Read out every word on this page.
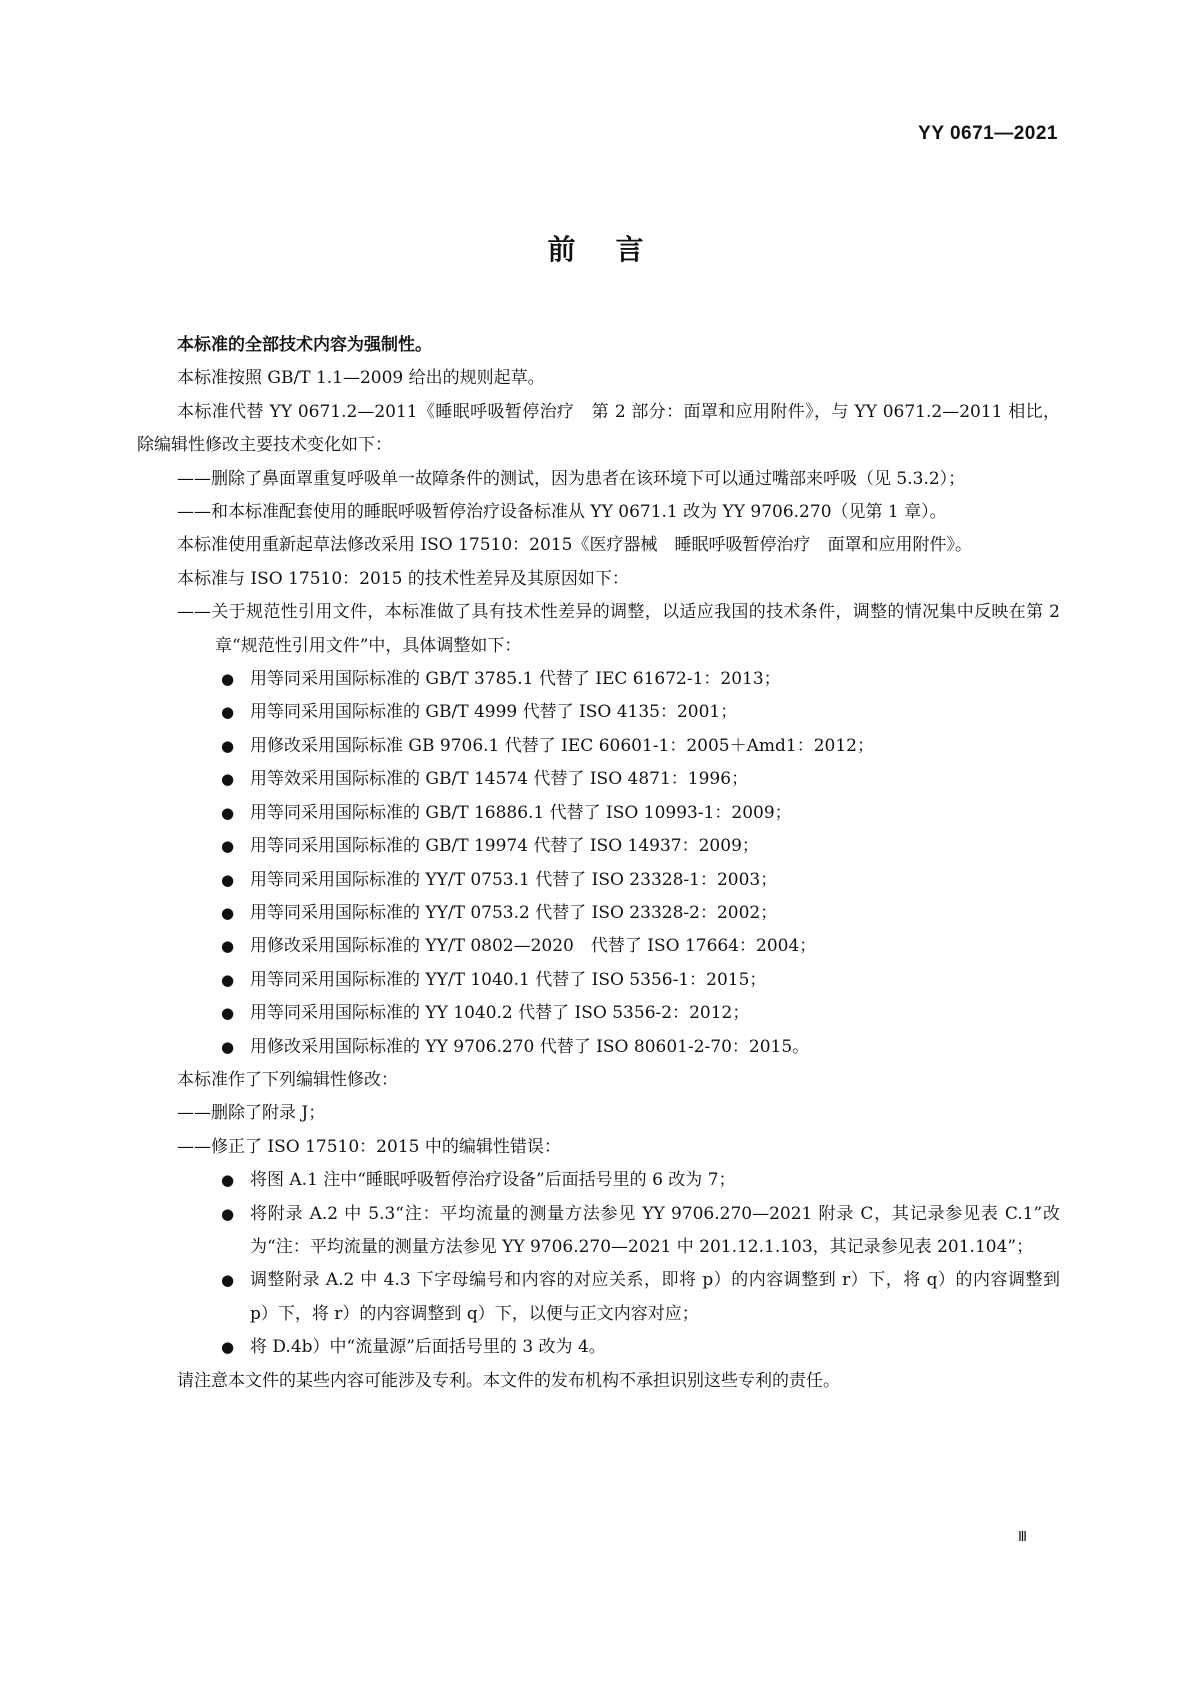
YY 0671—2021
前言

本标准的全部技术内容为强制性。

本标准按照 GB/T 1.1—2009 给出的规则起草。

本标准代替 YY 0671.2—2011《睡眠呼吸暂停治疗　第 2 部分：面罩和应用附件》，与 YY 0671.2—2011 相比，除编辑性修改主要技术变化如下：

——删除了鼻面罩重复呼吸单一故障条件的测试，因为患者在该环境下可以通过嘴部来呼吸（见 5.3.2）；

——和本标准配套使用的睡眠呼吸暂停治疗设备标准从 YY 0671.1 改为 YY 9706.270（见第 1 章）。

本标准使用重新起草法修改采用 ISO 17510：2015《医疗器械　睡眠呼吸暂停治疗　面罩和应用附件》。

本标准与 ISO 17510：2015 的技术性差异及其原因如下：

——关于规范性引用文件，本标准做了具有技术性差异的调整，以适应我国的技术条件，调整的情况集中反映在第 2 章“规范性引用文件”中，具体调整如下：

● 用等同采用国际标准的 GB/T 3785.1 代替了 IEC 61672-1：2013；

● 用等同采用国际标准的 GB/T 4999 代替了 ISO 4135：2001；

● 用修改采用国际标准 GB 9706.1 代替了 IEC 60601-1：2005＋Amd1：2012；

● 用等效采用国际标准的 GB/T 14574 代替了 ISO 4871：1996；

● 用等同采用国际标准的 GB/T 16886.1 代替了 ISO 10993-1：2009；

● 用等同采用国际标准的 GB/T 19974 代替了 ISO 14937：2009；

● 用等同采用国际标准的 YY/T 0753.1 代替了 ISO 23328-1：2003；

● 用等同采用国际标准的 YY/T 0753.2 代替了 ISO 23328-2：2002；

● 用修改采用国际标准的 YY/T 0802—2020　代替了 ISO 17664：2004；

● 用等同采用国际标准的 YY/T 1040.1 代替了 ISO 5356-1：2015；

● 用等同采用国际标准的 YY 1040.2 代替了 ISO 5356-2：2012；

● 用修改采用国际标准的 YY 9706.270 代替了 ISO 80601-2-70：2015。

本标准作了下列编辑性修改：

——删除了附录 J；

——修正了 ISO 17510：2015 中的编辑性错误：

● 将图 A.1 注中“睡眠呼吸暂停治疗设备”后面括号里的 6 改为 7；

● 将附录 A.2 中 5.3“注：平均流量的测量方法参见 YY 9706.270—2021 附录 C，其记录参见表 C.1”改为“注：平均流量的测量方法参见 YY 9706.270—2021 中 201.12.1.103，其记录参见表 201.104”；

● 调整附录 A.2 中 4.3 下字母编号和内容的对应关系，即将 p）的内容调整到 r）下，将 q）的内容调整到 p）下，将 r）的内容调整到 q）下，以便与正文内容对应；

● 将 D.4b）中“流量源”后面括号里的 3 改为 4。

请注意本文件的某些内容可能涉及专利。本文件的发布机构不承担识别这些专利的责任。

Ⅲ
